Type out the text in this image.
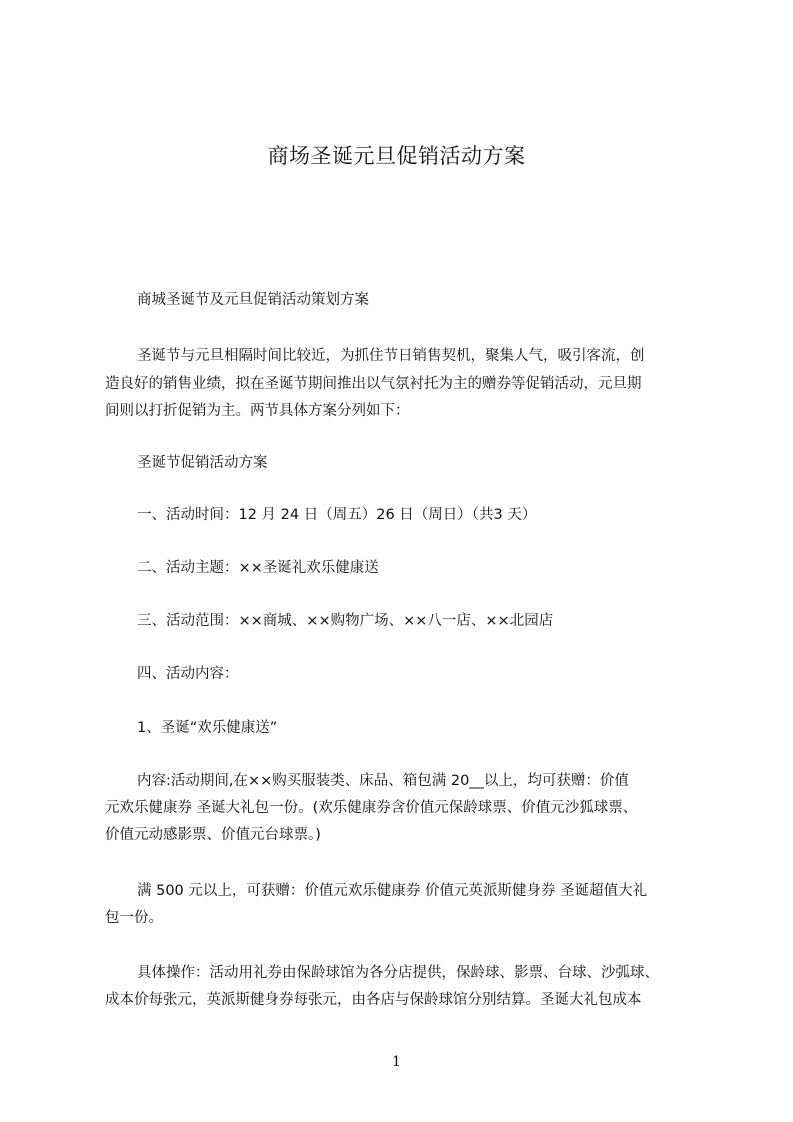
商场圣诞元旦促销活动方案
商城圣诞节及元旦促销活动策划方案
圣诞节与元旦相隔时间比较近，为抓住节日销售契机，聚集人气，吸引客流，创
造良好的销售业绩，拟在圣诞节期间推出以气氛衬托为主的赠券等促销活动，元旦期
间则以打折促销为主。两节具体方案分列如下：
圣诞节促销活动方案
一、活动时间：12 月 24 日（周五）26 日（周日）（共3 天）
二、活动主题：××圣诞礼欢乐健康送
三、活动范围：××商城、××购物广场、××八一店、××北园店
四、活动内容：
1、圣诞“欢乐健康送”
内容:活动期间,在××购买服装类、床品、箱包满 20__以上，均可获赠：价值
元欢乐健康券 圣诞大礼包一份。(欢乐健康券含价值元保龄球票、价值元沙狐球票、
价值元动感影票、价值元台球票。)
满 500 元以上，可获赠：价值元欢乐健康券 价值元英派斯健身券 圣诞超值大礼
包一份。
具体操作：活动用礼券由保龄球馆为各分店提供，保龄球、影票、台球、沙弧球、
成本价每张元，英派斯健身券每张元，由各店与保龄球馆分别结算。圣诞大礼包成本
1
